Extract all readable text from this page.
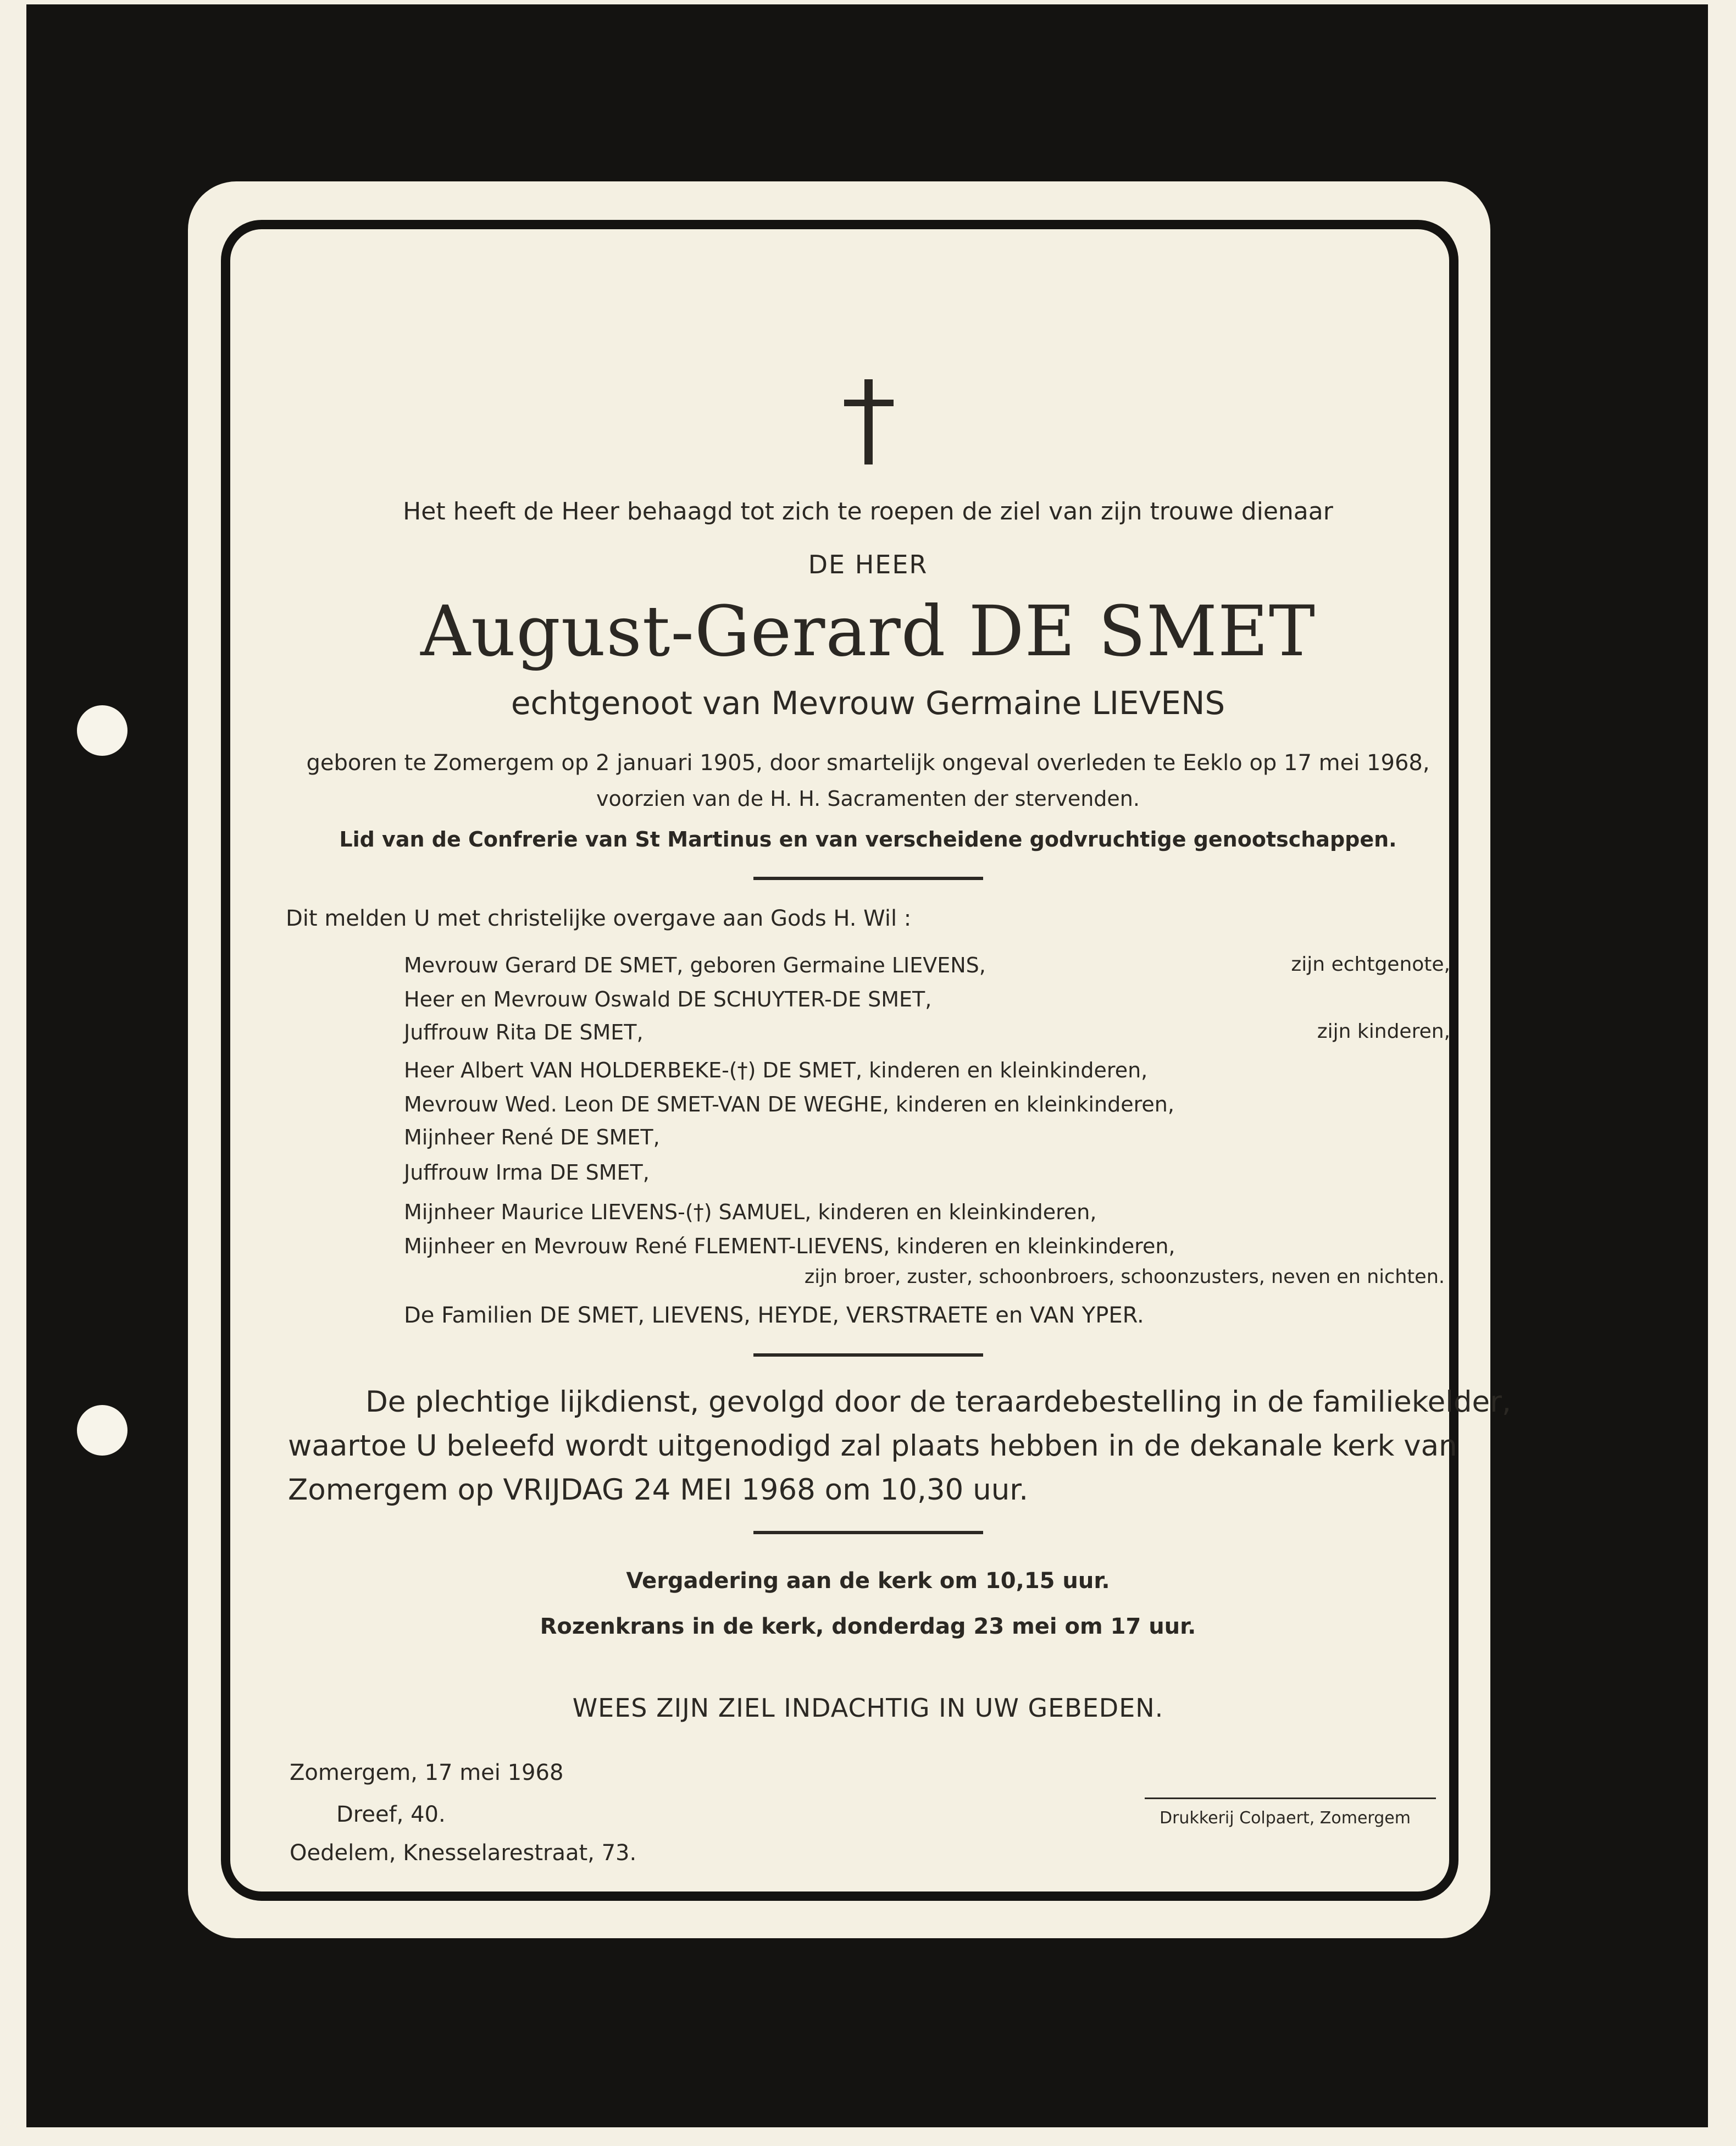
Het heeft de Heer behaagd tot zich te roepen de ziel van zijn trouwe dienaar
DE HEER
August-Gerard DE SMET
echtgenoot van Mevrouw Germaine LIEVENS
geboren te Zomergem op 2 januari 1905, door smartelijk ongeval overleden te Eeklo op 17 mei 1968,
voorzien van de H. H. Sacramenten der stervenden.
Lid van de Confrerie van St Martinus en van verscheidene godvruchtige genootschappen.
Dit melden U met christelijke overgave aan Gods H. Wil :
Mevrouw Gerard DE SMET, geboren Germaine LIEVENS,	zijn echtgenote,
Heer en Mevrouw Oswald DE SCHUYTER-DE SMET,
Juffrouw Rita DE SMET,	zijn kinderen,
Heer Albert VAN HOLDERBEKE-(†) DE SMET, kinderen en kleinkinderen,
Mevrouw Wed. Leon DE SMET-VAN DE WEGHE, kinderen en kleinkinderen,
Mijnheer René DE SMET,
Juffrouw Irma DE SMET,
Mijnheer Maurice LIEVENS-(†) SAMUEL, kinderen en kleinkinderen,
Mijnheer en Mevrouw René FLEMENT-LIEVENS, kinderen en kleinkinderen,
zijn broer, zuster, schoonbroers, schoonzusters, neven en nichten.
De Familien DE SMET, LIEVENS, HEYDE, VERSTRAETE en VAN YPER.
De plechtige lijkdienst, gevolgd door de teraardebestelling in de familiekelder,
waartoe U beleefd wordt uitgenodigd zal plaats hebben in de dekanale kerk van
Zomergem op VRIJDAG 24 MEI 1968 om 10,30 uur.
Vergadering aan de kerk om 10,15 uur.
Rozenkrans in de kerk, donderdag 23 mei om 17 uur.
WEES ZIJN ZIEL INDACHTIG IN UW GEBEDEN.
Zomergem, 17 mei 1968
Dreef, 40.
Oedelem, Knesselarestraat, 73.
Drukkerij Colpaert, Zomergem
